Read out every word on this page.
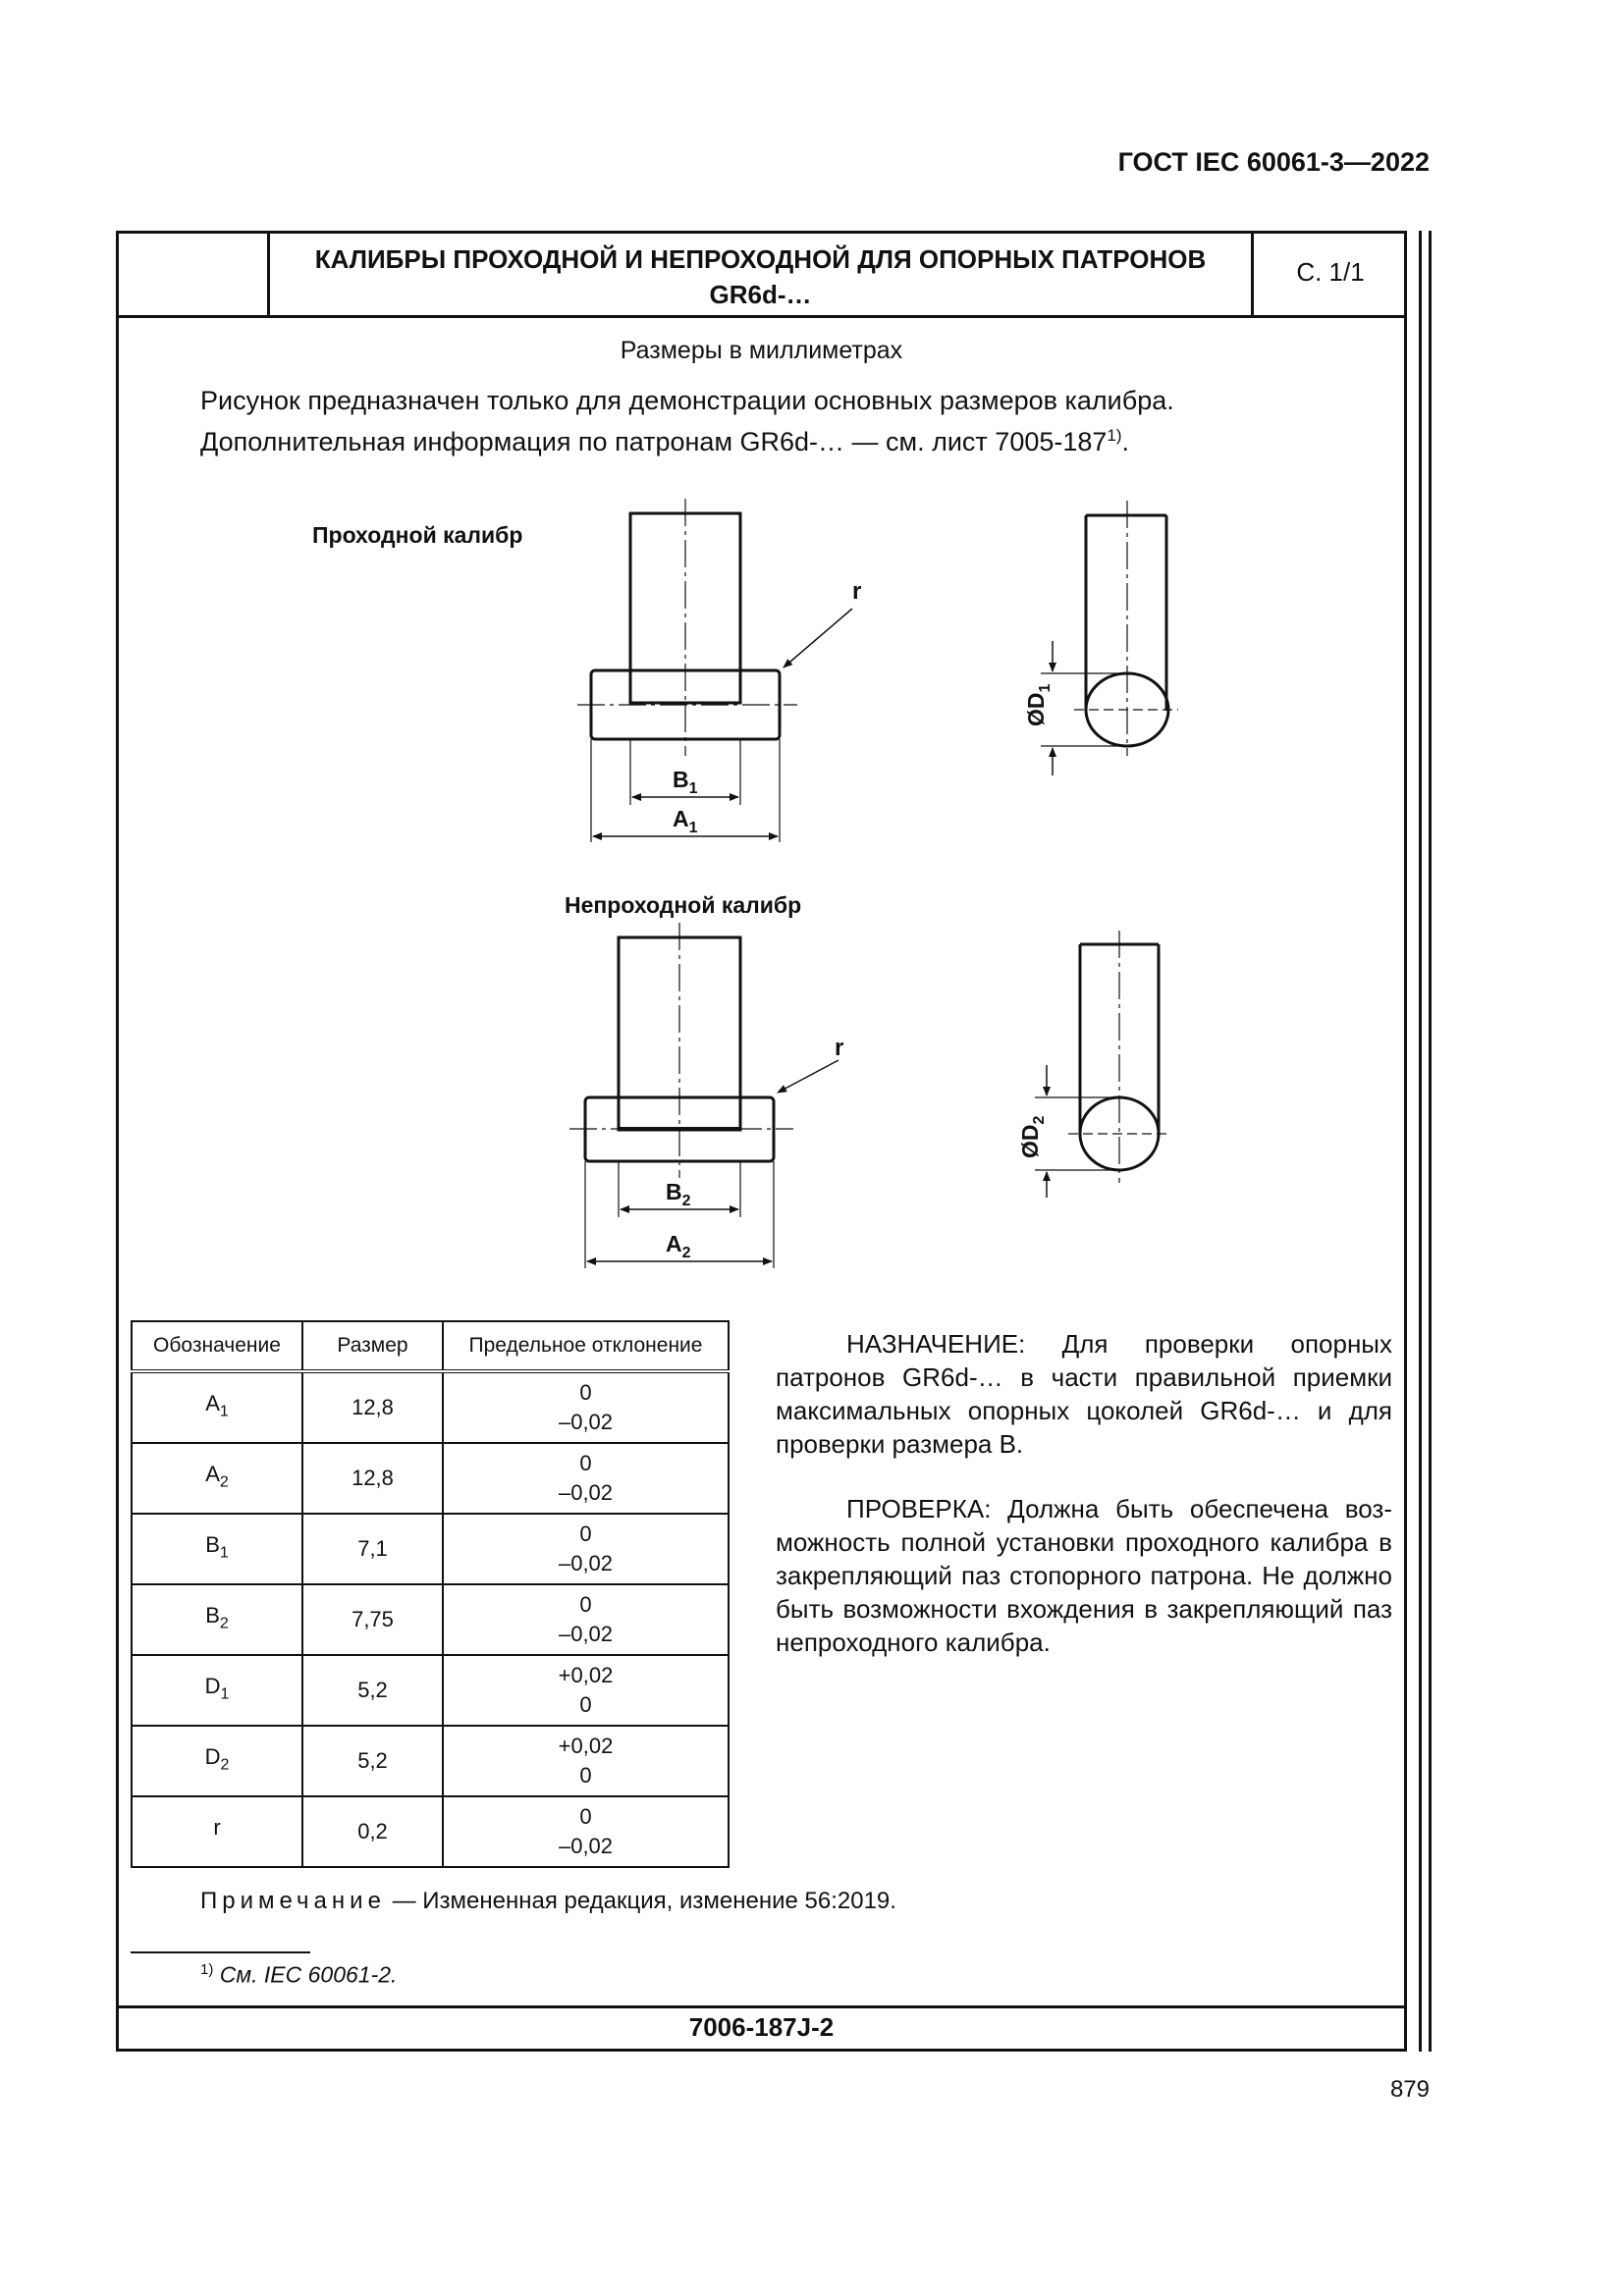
ГОСТ IEC 60061-3—2022
КАЛИБРЫ ПРОХОДНОЙ И НЕПРОХОДНОЙ ДЛЯ ОПОРНЫХ ПАТРОНОВ
GR6d-…
С. 1/1
Размеры в миллиметрах
Рисунок предназначен только для демонстрации основных размеров калибра.
Дополнительная информация по патронам GR6d-… — см. лист 7005-187$^{1)}$.
Проходной калибр
r
$B_1$
$A_1$
$ØD_1$
Непроходной калибр
r
$B_2$
$A_2$
$ØD_2$
Обозначение	Размер	Предельное отклонение
$A_1$	12,8	0
–0,02

$A_2$	12,8	0
–0,02

$B_1$	7,1	0
–0,02

$B_2$	7,75	0
–0,02

$D_1$	5,2	+0,02
0

$D_2$	5,2	+0,02
0

r	0,2	0
–0,02

НАЗНАЧЕНИЕ: Для проверки опорных патронов GR6d-… в части правильной приемки максимальных опорных цоколей GR6d-… и для проверки размера B.

ПРОВЕРКА: Должна быть обеспечена возможность полной установки проходного калибра в закрепляющий паз стопорного патрона. Не должно быть возможности вхождения в закрепляющий паз непроходного калибра.

Примечание — Измененная редакция, изменение 56:2019.
$^{1)}$ См. IEC 60061-2.
7006-187J-2
879
